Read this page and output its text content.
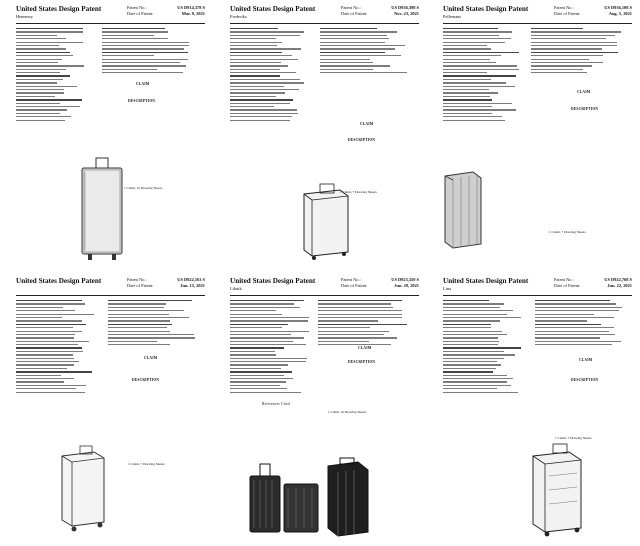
United States Design Patent
Hennessy
Patent No.:	US D914,378 S
Date of Patent:	Mar. 9, 2021
CLAIM
DESCRIPTION
1 Claim, 10 Drawing Sheets
United States Design Patent
Frederiks
Patent No.:	US D936,398 S
Date of Patent:	Nov. 23, 2021
CLAIM
DESCRIPTION
1 Claim, 7 Drawing Sheets
United States Design Patent
Pellemans
Patent No.:	US D936,108 S
Date of Patent:	Aug. 5, 2021
CLAIM
DESCRIPTION
1 Claim, 7 Drawing Sheets
United States Design Patent	Patent No.:	US D922,163 S
Date of Patent:	Jun. 15, 2021
CLAIM
DESCRIPTION
1 Claim, 7 Drawing Sheets
United States Design Patent
Liknik
Patent No.:	US D923,350 S
Date of Patent:	Jun. 29, 2021
CLAIM
DESCRIPTION
References Cited
1 Claim, 10 Drawing Sheets
United States Design Patent
Lina
Patent No.:	US D922,768 S
Date of Patent:	Jun. 22, 2021
CLAIM
DESCRIPTION
1 Claim, 7 Drawing Sheets
